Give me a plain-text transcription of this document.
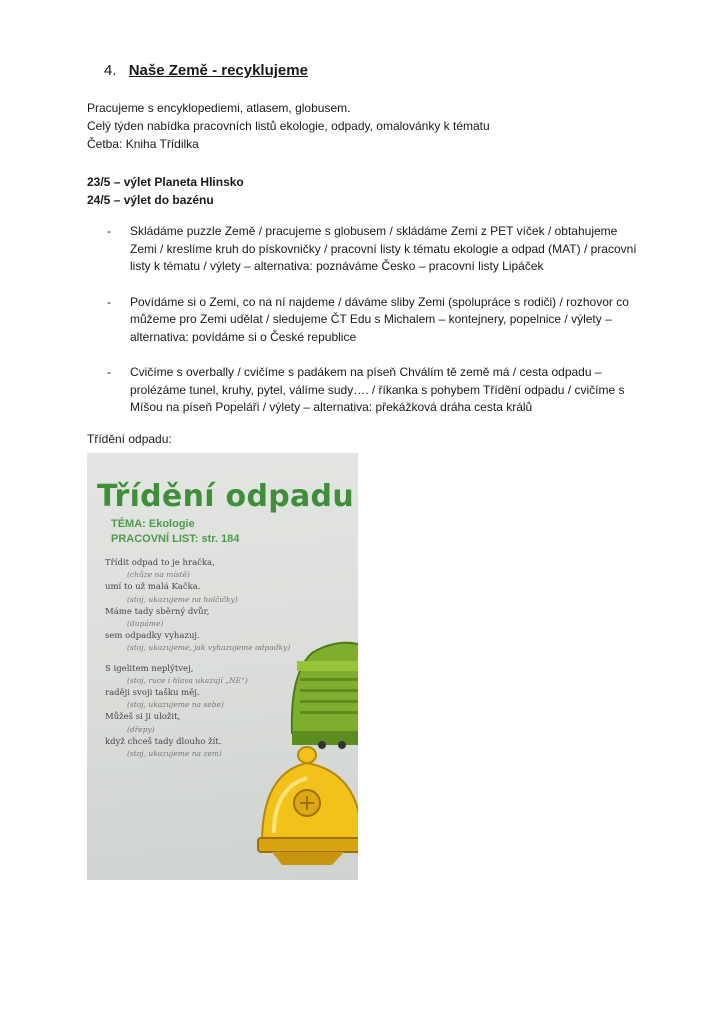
4. Naše Země - recyklujeme
Pracujeme s encyklopediemi, atlasem, globusem.
Celý týden nabídka pracovních listů ekologie, odpady, omalovánky k tématu
Četba: Kniha Třídilka
23/5 – výlet Planeta Hlinsko
24/5 – výlet do bazénu
- Skládáme puzzle Země / pracujeme s globusem / skládáme Zemi z PET víček / obtahujeme Zemi / kreslíme kruh do pískovničky / pracovní listy k tématu ekologie a odpad (MAT) / pracovní listy k tématu / výlety – alternativa: poznáváme Česko – pracovní listy Lipáček
- Povídáme si o Zemi, co na ní najdeme / dáváme sliby Zemi (spolupráce s rodiči) / rozhovor co můžeme pro Zemi udělat / sledujeme ČT Edu s Michalem – kontejnery, popelnice / výlety – alternativa: povídáme si o České republice
- Cvičíme s overbally / cvičíme s padákem na píseň Chválím tě země má / cesta odpadu – prolézáme tunel, kruhy, pytel, válíme sudy…. / říkanka s pohybem Třídění odpadu / cvičíme s Míšou na píseň Popeláři / výlety – alternativa: překážková dráha cesta králů
Třídění odpadu:
Třídění odpadu
TÉMA: Ekologie
PRACOVNÍ LIST: str. 184
Třídit odpad to je hračka,
(chůze na místě)
umí to už malá Kačka.
(stoj, ukazujeme na holčičky)
Máme tady sběrný dvůr,
(dupáme)
sem odpadky vyhazuj.
(stoj, ukazujeme, jak vyhazujeme odpadky)
S igelitem neplýtvej,
(stoj, ruce i hlava ukazují „NE“)
raději svoji tašku měj.
(stoj, ukazujeme na sebe)
Můžeš si ji uložit,
(dřepy)
když chceš tady dlouho žít.
(stoj, ukazujeme na zem)
